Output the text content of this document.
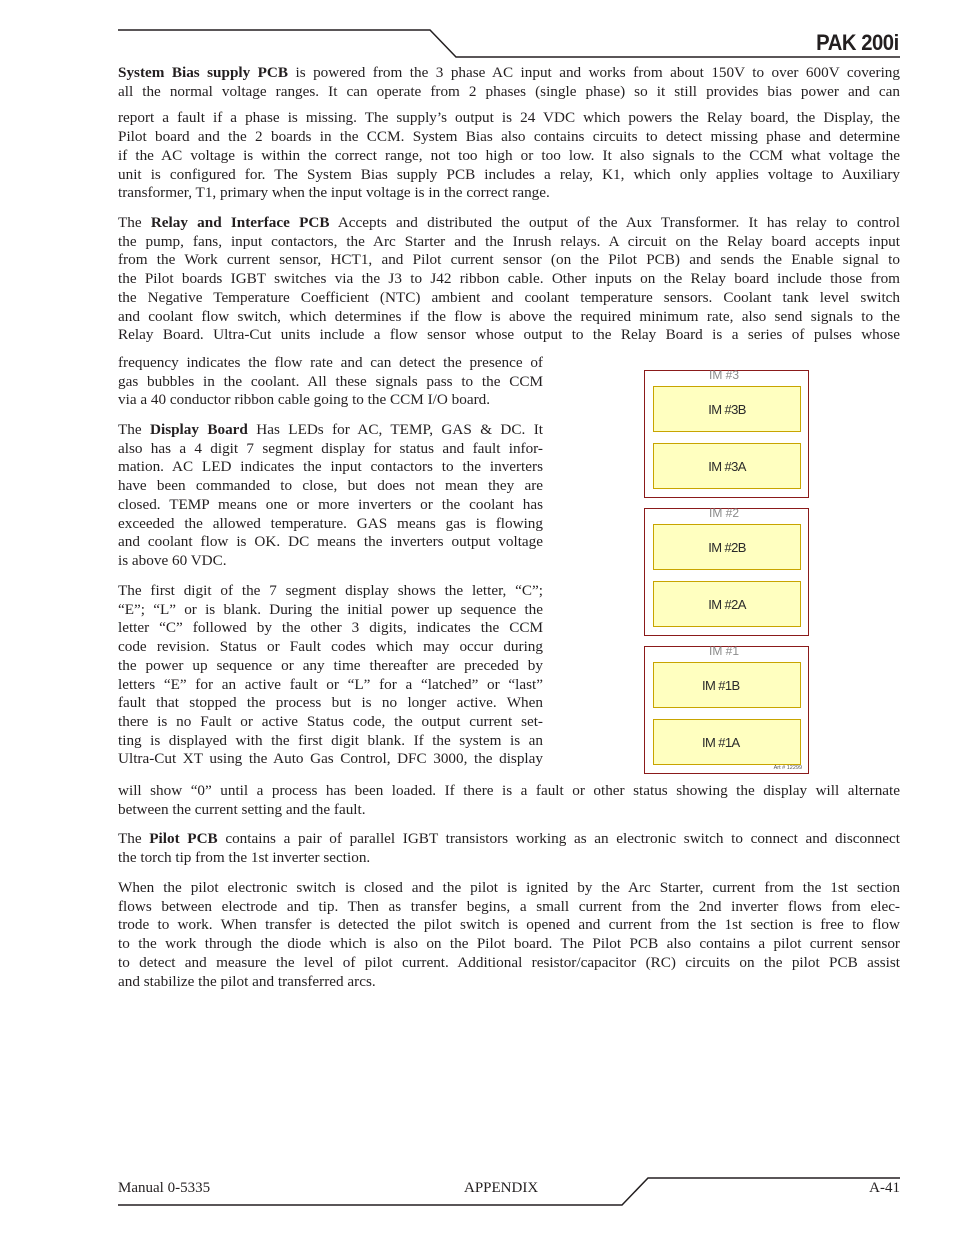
PAK 200i

System Bias supply PCB is powered from the 3 phase AC input and works from about 150V to over 600V covering
all the normal voltage ranges. It can operate from 2 phases (single phase) so it still provides bias power and can
report a fault if a phase is missing. The supply’s output is 24 VDC which powers the Relay board, the Display, the
Pilot board and the 2 boards in the CCM. System Bias also contains circuits to detect missing phase and determine
if the AC voltage is within the correct range, not too high or too low. It also signals to the CCM what voltage the
unit is configured for. The System Bias supply PCB includes a relay, K1, which only applies voltage to Auxiliary
transformer, T1, primary when the input voltage is in the correct range.

The Relay and Interface PCB Accepts and distributed the output of the Aux Transformer. It has relay to control
the pump, fans, input contactors, the Arc Starter and the Inrush relays. A circuit on the Relay board accepts input
from the Work current sensor, HCT1, and Pilot current sensor (on the Pilot PCB) and sends the Enable signal to
the Pilot boards IGBT switches via the J3 to J42 ribbon cable. Other inputs on the Relay board include those from
the Negative Temperature Coefficient (NTC) ambient and coolant temperature sensors. Coolant tank level switch
and coolant flow switch, which determines if the flow is above the required minimum rate, also send signals to the
Relay Board. Ultra-Cut units include a flow sensor whose output to the Relay Board is a series of pulses whose

frequency indicates the flow rate and can detect the presence of
gas bubbles in the coolant. All these signals pass to the CCM
via a 40 conductor ribbon cable going to the CCM I/O board.

The Display Board Has LEDs for AC, TEMP, GAS & DC. It
also has a 4 digit 7 segment display for status and fault infor-
mation. AC LED indicates the input contactors to the inverters
have been commanded to close, but does not mean they are
closed. TEMP means one or more inverters or the coolant has
exceeded the allowed temperature. GAS means gas is flowing
and coolant flow is OK. DC means the inverters output voltage
is above 60 VDC.

The first digit of the 7 segment display shows the letter, “C”;
“E”; “L” or is blank. During the initial power up sequence the
letter “C” followed by the other 3 digits, indicates the CCM
code revision. Status or Fault codes which may occur during
the power up sequence or any time thereafter are preceded by
letters “E” for an active fault or “L” for a “latched” or “last”
fault that stopped the process but is no longer active. When
there is no Fault or active Status code, the output current set-
ting is displayed with the first digit blank. If the system is an
Ultra-Cut XT using the Auto Gas Control, DFC 3000, the display

will show “0” until a process has been loaded. If there is a fault or other status showing the display will alternate
between the current setting and the fault.

The Pilot PCB contains a pair of parallel IGBT transistors working as an electronic switch to connect and disconnect
the torch tip from the 1st inverter section.

When the pilot electronic switch is closed and the pilot is ignited by the Arc Starter, current from the 1st section
flows between electrode and tip. Then as transfer begins, a small current from the 2nd inverter flows from elec-
trode to work. When transfer is detected the pilot switch is opened and current from the 1st section is free to flow
to the work through the diode which is also on the Pilot board. The Pilot PCB also contains a pilot current sensor
to detect and measure the level of pilot current. Additional resistor/capacitor (RC) circuits on the pilot PCB assist
and stabilize the pilot and transferred arcs.

IM #3
IM #3B
IM #3A
IM #2
IM #2B
IM #2A
IM #1
IM #1B
IM #1A
Art # 12299
Manual 0-5335	APPENDIX	A-41
